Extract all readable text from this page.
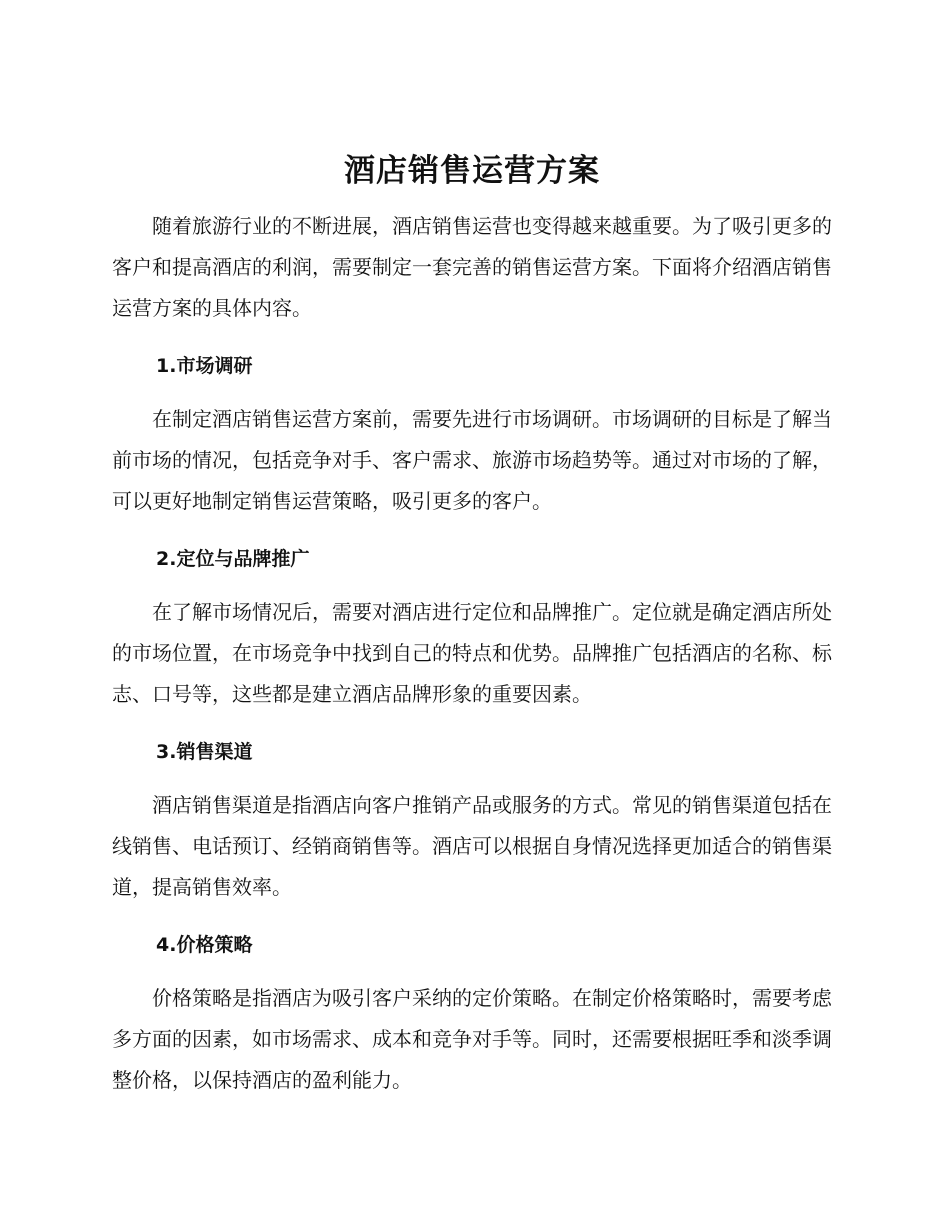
酒店销售运营方案

随着旅游行业的不断进展，酒店销售运营也变得越来越重要。为了吸引更多的客户和提高酒店的利润，需要制定一套完善的销售运营方案。下面将介绍酒店销售运营方案的具体内容。

1.市场调研

在制定酒店销售运营方案前，需要先进行市场调研。市场调研的目标是了解当前市场的情况，包括竞争对手、客户需求、旅游市场趋势等。通过对市场的了解，可以更好地制定销售运营策略，吸引更多的客户。

2.定位与品牌推广

在了解市场情况后，需要对酒店进行定位和品牌推广。定位就是确定酒店所处的市场位置，在市场竞争中找到自己的特点和优势。品牌推广包括酒店的名称、标志、口号等，这些都是建立酒店品牌形象的重要因素。

3.销售渠道

酒店销售渠道是指酒店向客户推销产品或服务的方式。常见的销售渠道包括在线销售、电话预订、经销商销售等。酒店可以根据自身情况选择更加适合的销售渠道，提高销售效率。

4.价格策略

价格策略是指酒店为吸引客户采纳的定价策略。在制定价格策略时，需要考虑多方面的因素，如市场需求、成本和竞争对手等。同时，还需要根据旺季和淡季调整价格，以保持酒店的盈利能力。
